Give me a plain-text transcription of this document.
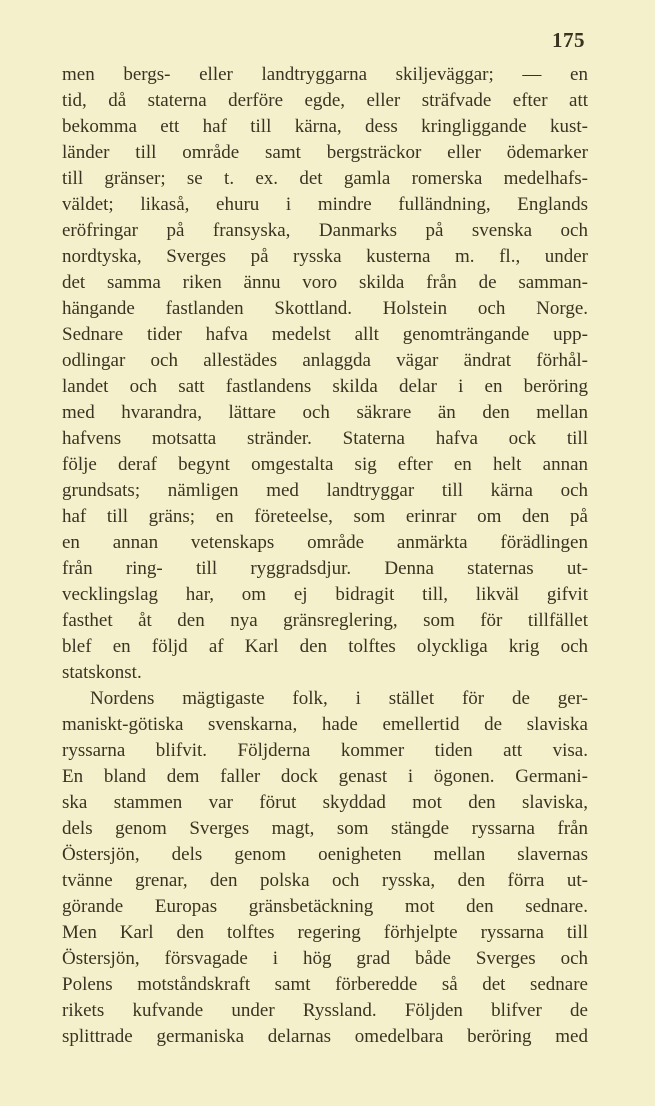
175
men bergs- eller landtryggarna skiljeväggar; — en
tid, då staterna derföre egde, eller sträfvade efter att
bekomma ett haf till kärna, dess kringliggande kust-
länder till område samt bergsträckor eller ödemarker
till gränser; se t. ex. det gamla romerska medelhafs-
väldet; likaså, ehuru i mindre fulländning, Englands
eröfringar på fransyska, Danmarks på svenska och
nordtyska, Sverges på rysska kusterna m. fl., under
det samma riken ännu voro skilda från de samman-
hängande fastlanden Skottland. Holstein och Norge.
Sednare tider hafva medelst allt genomträngande upp-
odlingar och allestädes anlaggda vägar ändrat förhål-
landet och satt fastlandens skilda delar i en beröring
med hvarandra, lättare och säkrare än den mellan
hafvens motsatta stränder. Staterna hafva ock till
följe deraf begynt omgestalta sig efter en helt annan
grundsats; nämligen med landtryggar till kärna och
haf till gräns; en företeelse, som erinrar om den på
en annan vetenskaps område anmärkta förädlingen
från ring- till ryggradsdjur. Denna staternas ut-
vecklingslag har, om ej bidragit till, likväl gifvit
fasthet åt den nya gränsreglering, som för tillfället
blef en följd af Karl den tolftes olyckliga krig och
statskonst.
Nordens mägtigaste folk, i stället för de ger-
maniskt-götiska svenskarna, hade emellertid de slaviska
ryssarna blifvit. Följderna kommer tiden att visa.
En bland dem faller dock genast i ögonen. Germani-
ska stammen var förut skyddad mot den slaviska,
dels genom Sverges magt, som stängde ryssarna från
Östersjön, dels genom oenigheten mellan slavernas
tvänne grenar, den polska och rysska, den förra ut-
görande Europas gränsbetäckning mot den sednare.
Men Karl den tolftes regering förhjelpte ryssarna till
Östersjön, försvagade i hög grad både Sverges och
Polens motståndskraft samt förberedde så det sednare
rikets kufvande under Ryssland. Följden blifver de
splittrade germaniska delarnas omedelbara beröring med
